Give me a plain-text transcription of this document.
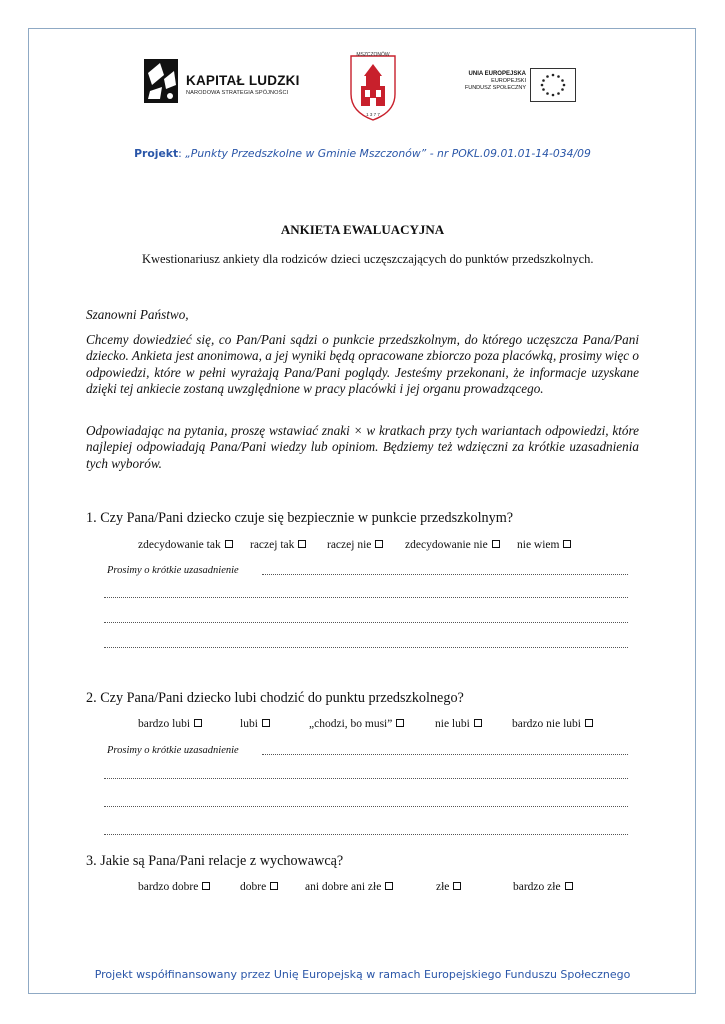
KAPITAŁ LUDZKI
NARODOWA STRATEGIA SPÓJNOŚCI
MSZCZONÓW
1 3 7 7
UNIA EUROPEJSKA
EUROPEJSKI
FUNDUSZ SPOŁECZNY
Projekt: „Punkty Przedszkolne w Gminie Mszczonów” - nr POKL.09.01.01-14-034/09
ANKIETA EWALUACYJNA
Kwestionariusz ankiety dla rodziców dzieci uczęszczających do punktów przedszkolnych.
Szanowni Państwo,
Chcemy dowiedzieć się, co Pan/Pani sądzi o punkcie przedszkolnym, do którego uczęszcza Pana/Pani dziecko. Ankieta jest anonimowa, a jej wyniki będą opracowane zbiorczo poza placówką, prosimy więc o odpowiedzi, które w pełni wyrażają Pana/Pani poglądy. Jesteśmy przekonani, że informacje uzyskane dzięki tej ankiecie zostaną uwzględnione w pracy placówki i jej organu prowadzącego.
Odpowiadając na pytania, proszę wstawiać znaki × w kratkach przy tych wariantach odpowiedzi, które najlepiej odpowiadają Pana/Pani wiedzy lub opiniom. Będziemy też wdzięczni za krótkie uzasadnienia tych wyborów.
1. Czy Pana/Pani dziecko czuje się bezpiecznie w punkcie przedszkolnym?
zdecydowanie tak	raczej tak	raczej nie	zdecydowanie nie	nie wiem
Prosimy o krótkie uzasadnienie
2. Czy Pana/Pani dziecko lubi chodzić do punktu przedszkolnego?
bardzo lubi	lubi	„chodzi, bo musi”	nie lubi	bardzo nie lubi
Prosimy o krótkie uzasadnienie
3. Jakie są Pana/Pani relacje z wychowawcą?
bardzo dobre	dobre	ani dobre ani złe	złe	bardzo złe
Projekt współfinansowany przez Unię Europejską w ramach Europejskiego Funduszu Społecznego
